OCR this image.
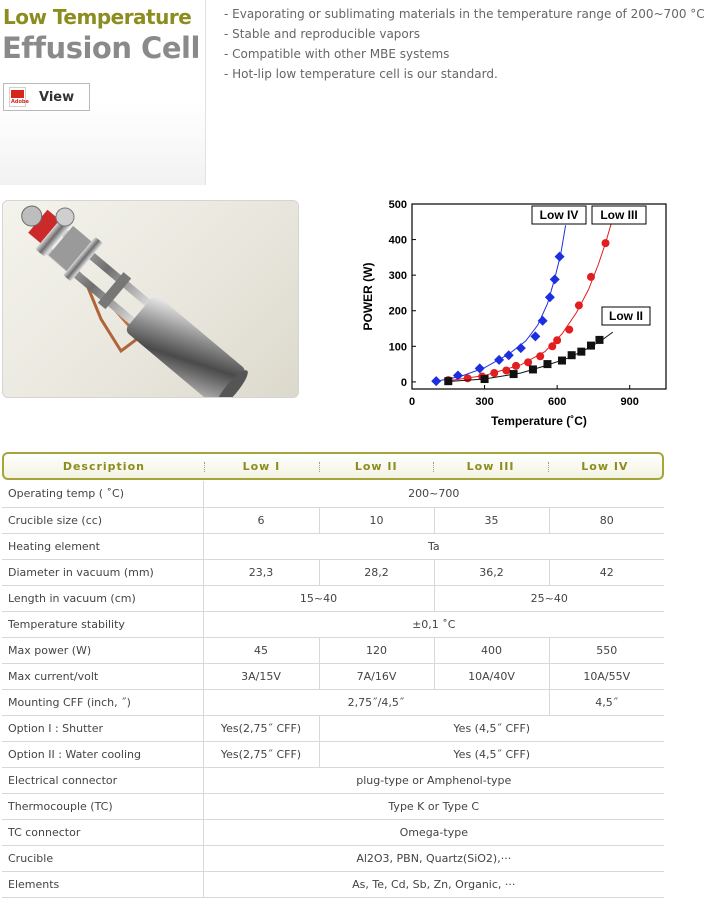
Low Temperature
Effusion Cell
Adobe View
- Evaporating or sublimating materials in the temperature range of 200~700 °C
- Stable and reproducible vapors
- Compatible with other MBE systems
- Hot-lip low temperature cell is our standard.
0	300	600	900
0
100
200
300
400
500
Temperature (˚C)
POWER (W)
Low IV Low III
Low II
Description	Low I	Low II	Low III	Low IV
Operating temp ( ˚C)	200~700			
Crucible size (cc)	6	10	35	80
Heating element	Ta			
Diameter in vacuum (mm)	23,3	28,2	36,2	42
Length in vacuum (cm)	15~40		25~40	
Temperature stability	±0,1 ˚C			
Max power (W)	45	120	400	550
Max current/volt	3A/15V	7A/16V	10A/40V	10A/55V
Mounting CFF (inch, ˝)	2,75˝/4,5˝			4,5˝
Option I : Shutter	Yes(2,75˝ CFF)	Yes (4,5˝ CFF)		
Option II : Water cooling	Yes(2,75˝ CFF)	Yes (4,5˝ CFF)		
Electrical connector	plug-type or Amphenol-type			
Thermocouple (TC)	Type K or Type C			
TC connector	Omega-type			
Crucible	Al2O3, PBN, Quartz(SiO2),···			
Elements	As, Te, Cd, Sb, Zn, Organic, ···			
